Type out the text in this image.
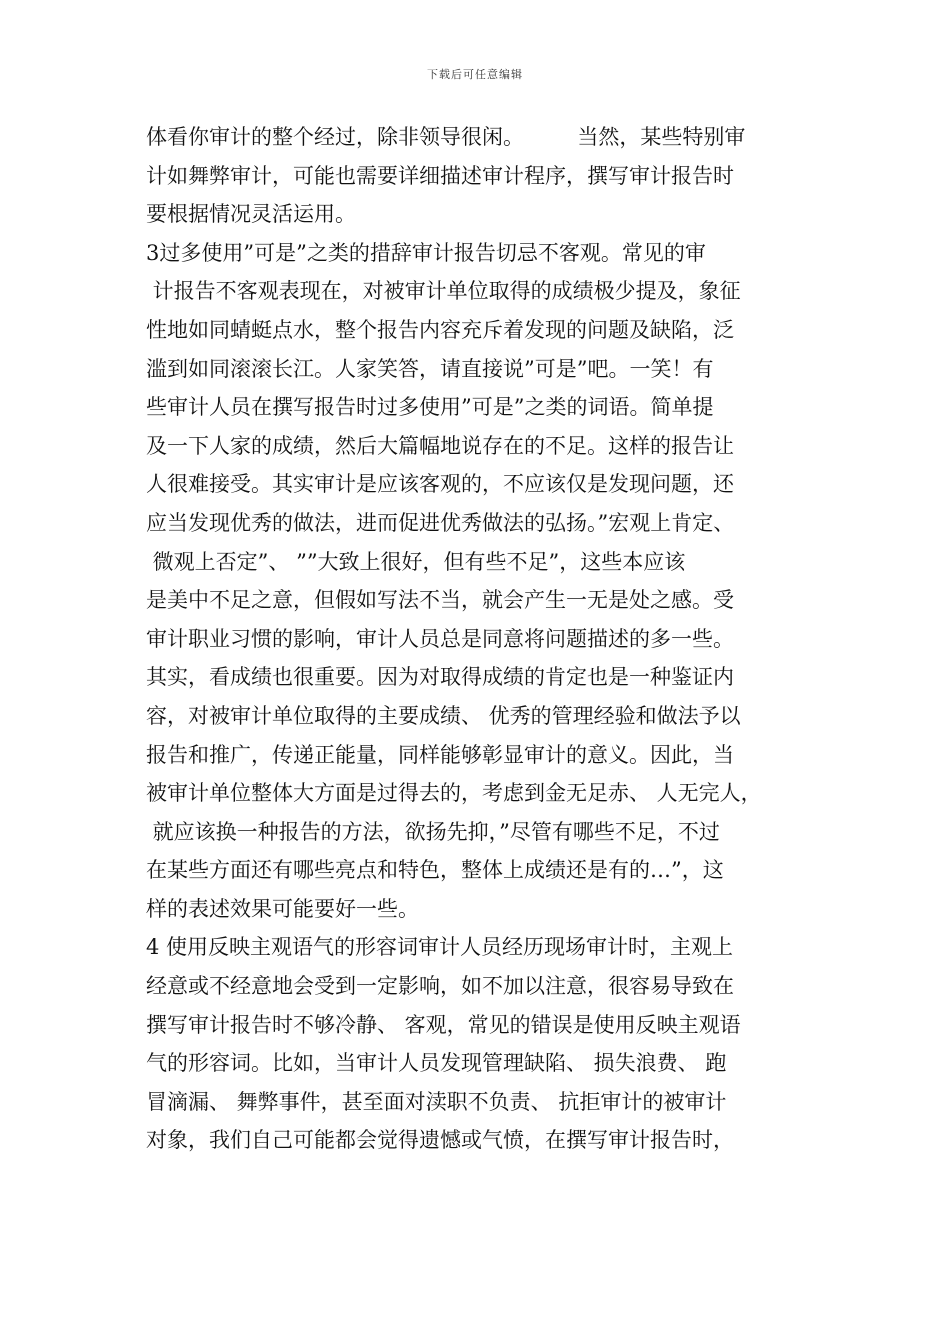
下载后可任意编辑
体看你审计的整个经过，除非领导很闲。        当然，某些特别审
计如舞弊审计，可能也需要详细描述审计程序，撰写审计报告时
要根据情况灵活运用。
3过多使用”可是”之类的措辞审计报告切忌不客观。常见的审
计报告不客观表现在，对被审计单位取得的成绩极少提及，象征
性地如同蜻蜓点水，整个报告内容充斥着发现的问题及缺陷，泛
滥到如同滚滚长江。人家笑答，请直接说”可是”吧。一笑！有
些审计人员在撰写报告时过多使用”可是”之类的词语。简单提
及一下人家的成绩，然后大篇幅地说存在的不足。这样的报告让
人很难接受。其实审计是应该客观的，不应该仅是发现问题，还
应当发现优秀的做法，进而促进优秀做法的弘扬。”宏观上肯定、
微观上否定”、 ””大致上很好，但有些不足”，这些本应该
是美中不足之意，但假如写法不当，就会产生一无是处之感。受
审计职业习惯的影响，审计人员总是同意将问题描述的多一些。
其实，看成绩也很重要。因为对取得成绩的肯定也是一种鉴证内
容，对被审计单位取得的主要成绩、 优秀的管理经验和做法予以
报告和推广，传递正能量，同样能够彰显审计的意义。因此，当
被审计单位整体大方面是过得去的，考虑到金无足赤、 人无完人，
就应该换一种报告的方法，欲扬先抑，”尽管有哪些不足，不过
在某些方面还有哪些亮点和特色，整体上成绩还是有的…”，这
样的表述效果可能要好一些。
4 使用反映主观语气的形容词审计人员经历现场审计时，主观上
经意或不经意地会受到一定影响，如不加以注意，很容易导致在
撰写审计报告时不够冷静、 客观，常见的错误是使用反映主观语
气的形容词。比如，当审计人员发现管理缺陷、 损失浪费、 跑
冒滴漏、 舞弊事件，甚至面对渎职不负责、 抗拒审计的被审计
对象，我们自己可能都会觉得遗憾或气愤，在撰写审计报告时，
